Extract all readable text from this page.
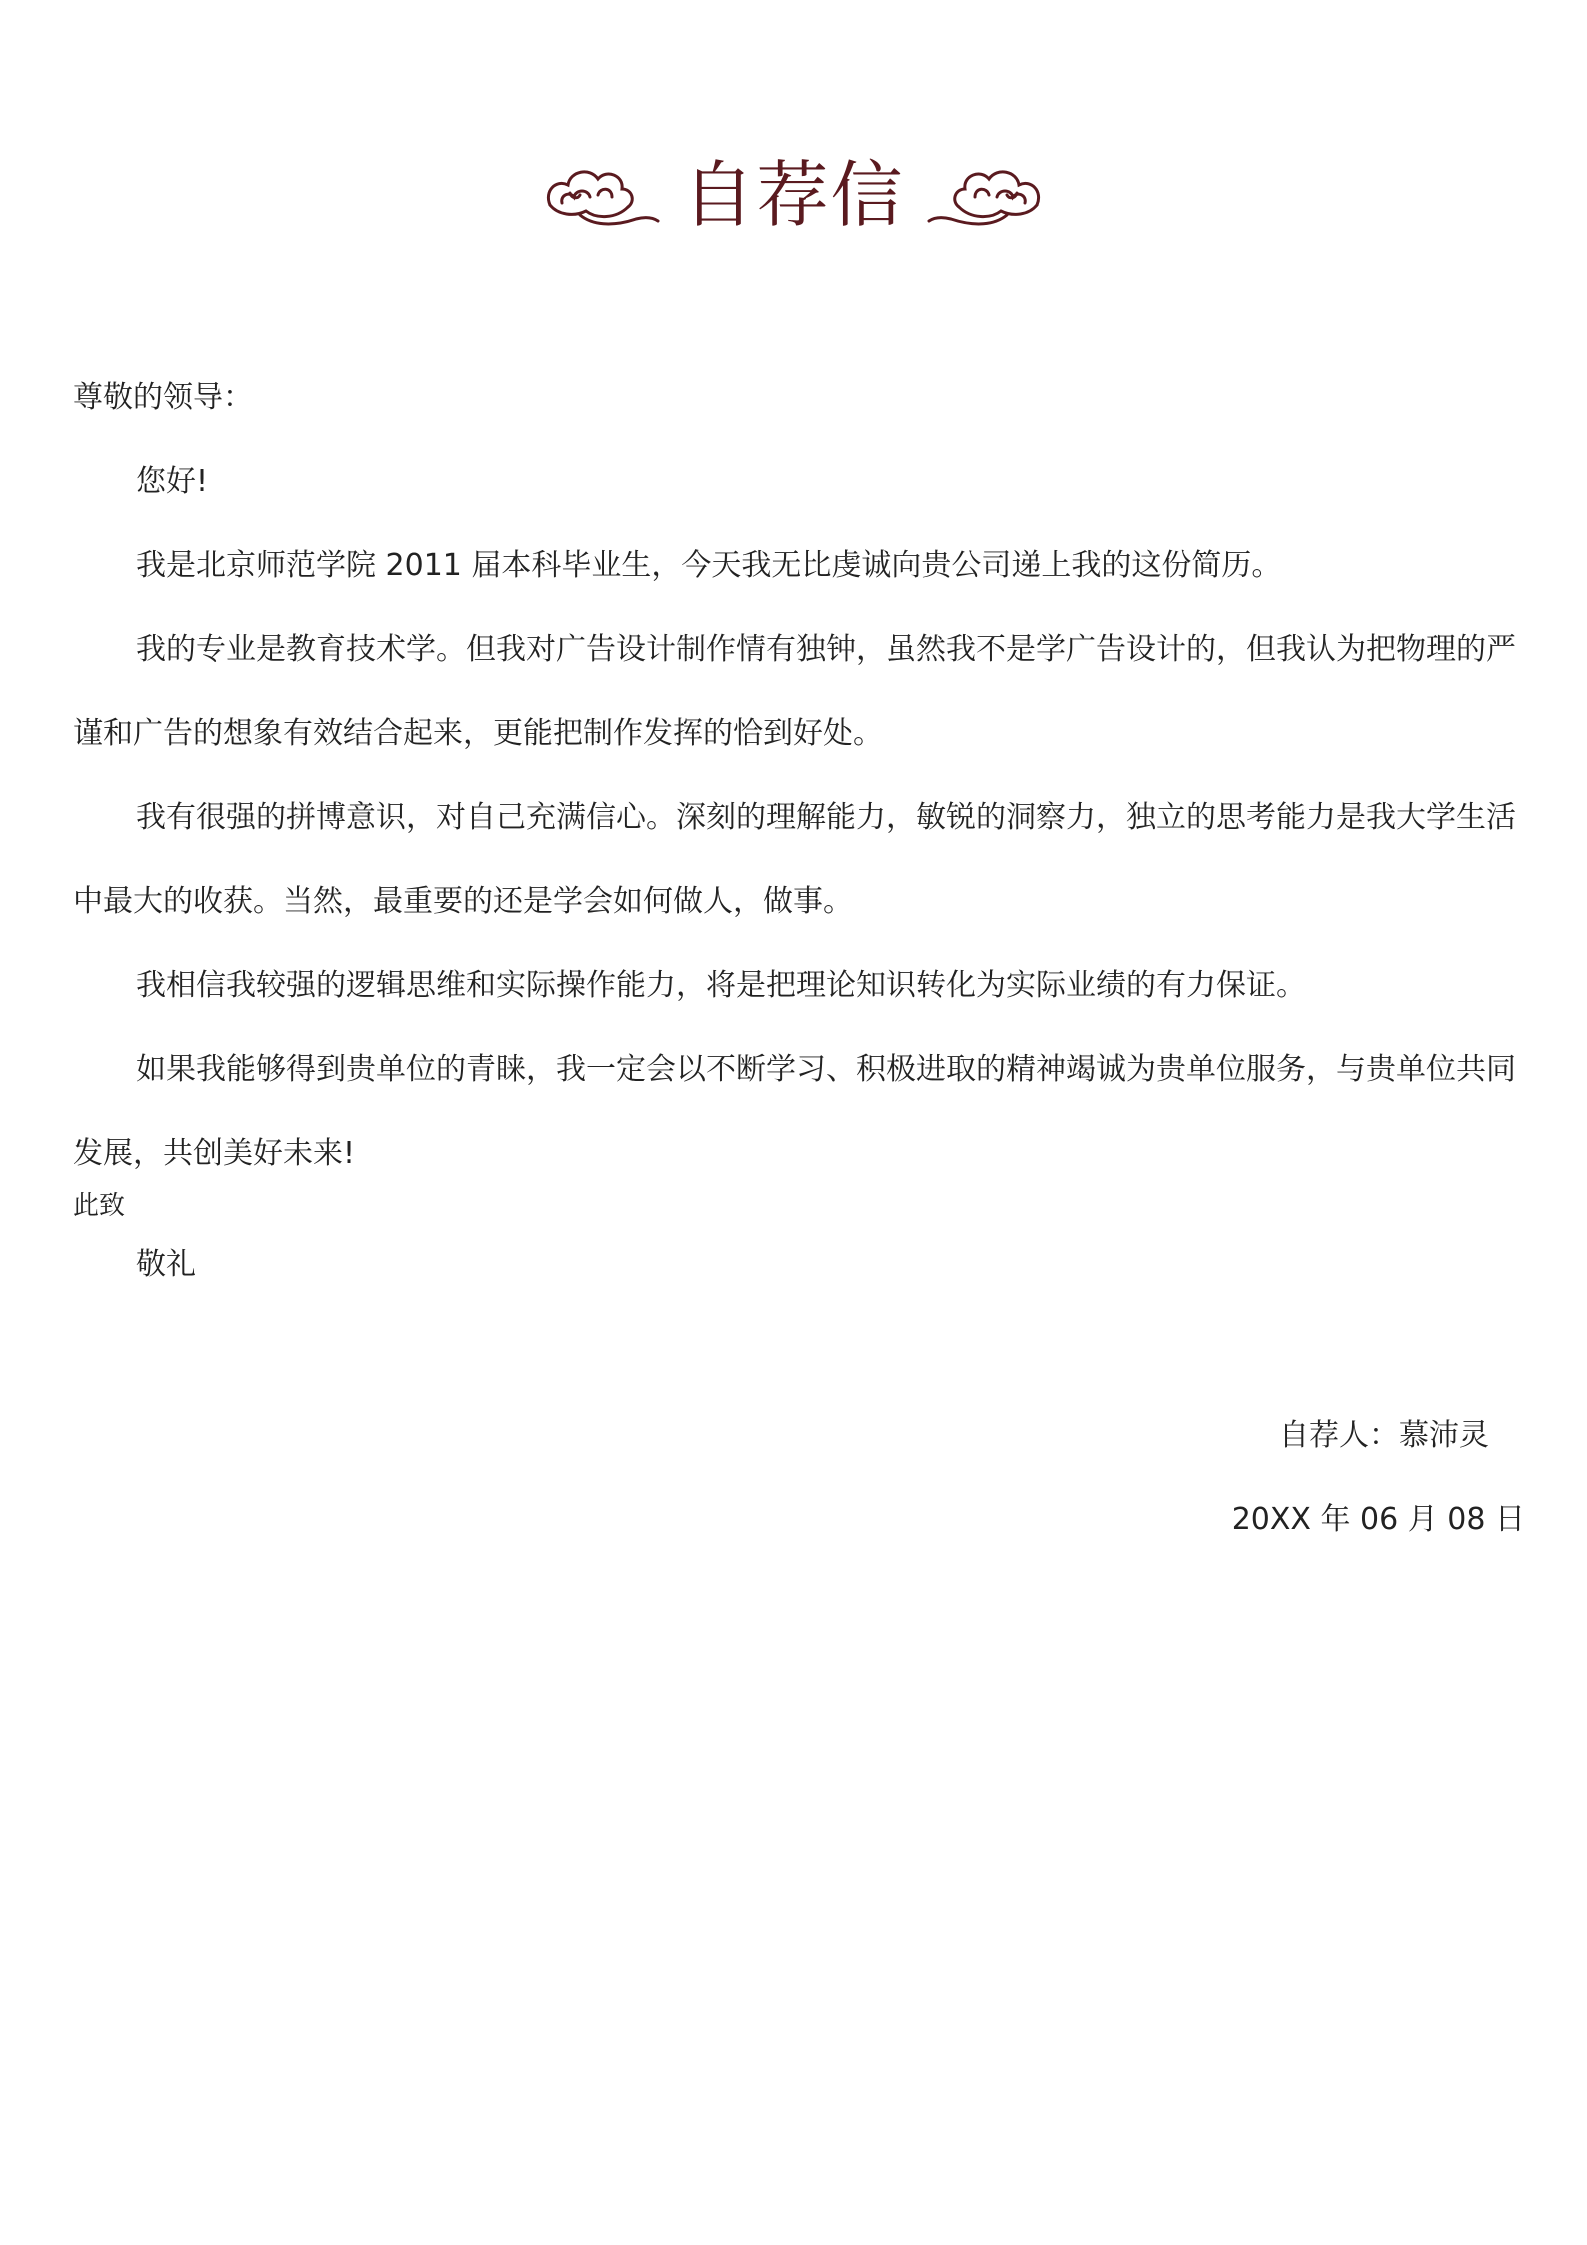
自荐信

尊敬的领导：

您好!

我是北京师范学院 2011 届本科毕业生，今天我无比虔诚向贵公司递上我的这份简历。

我的专业是教育技术学。但我对广告设计制作情有独钟，虽然我不是学广告设计的，但我认为把物理的严谨和广告的想象有效结合起来，更能把制作发挥的恰到好处。

我有很强的拼博意识，对自己充满信心。深刻的理解能力，敏锐的洞察力，独立的思考能力是我大学生活中最大的收获。当然，最重要的还是学会如何做人，做事。

我相信我较强的逻辑思维和实际操作能力，将是把理论知识转化为实际业绩的有力保证。

如果我能够得到贵单位的青睐，我一定会以不断学习、积极进取的精神竭诚为贵单位服务，与贵单位共同发展，共创美好未来!

此致

敬礼

自荐人：慕沛灵

20XX 年 06 月 08 日
